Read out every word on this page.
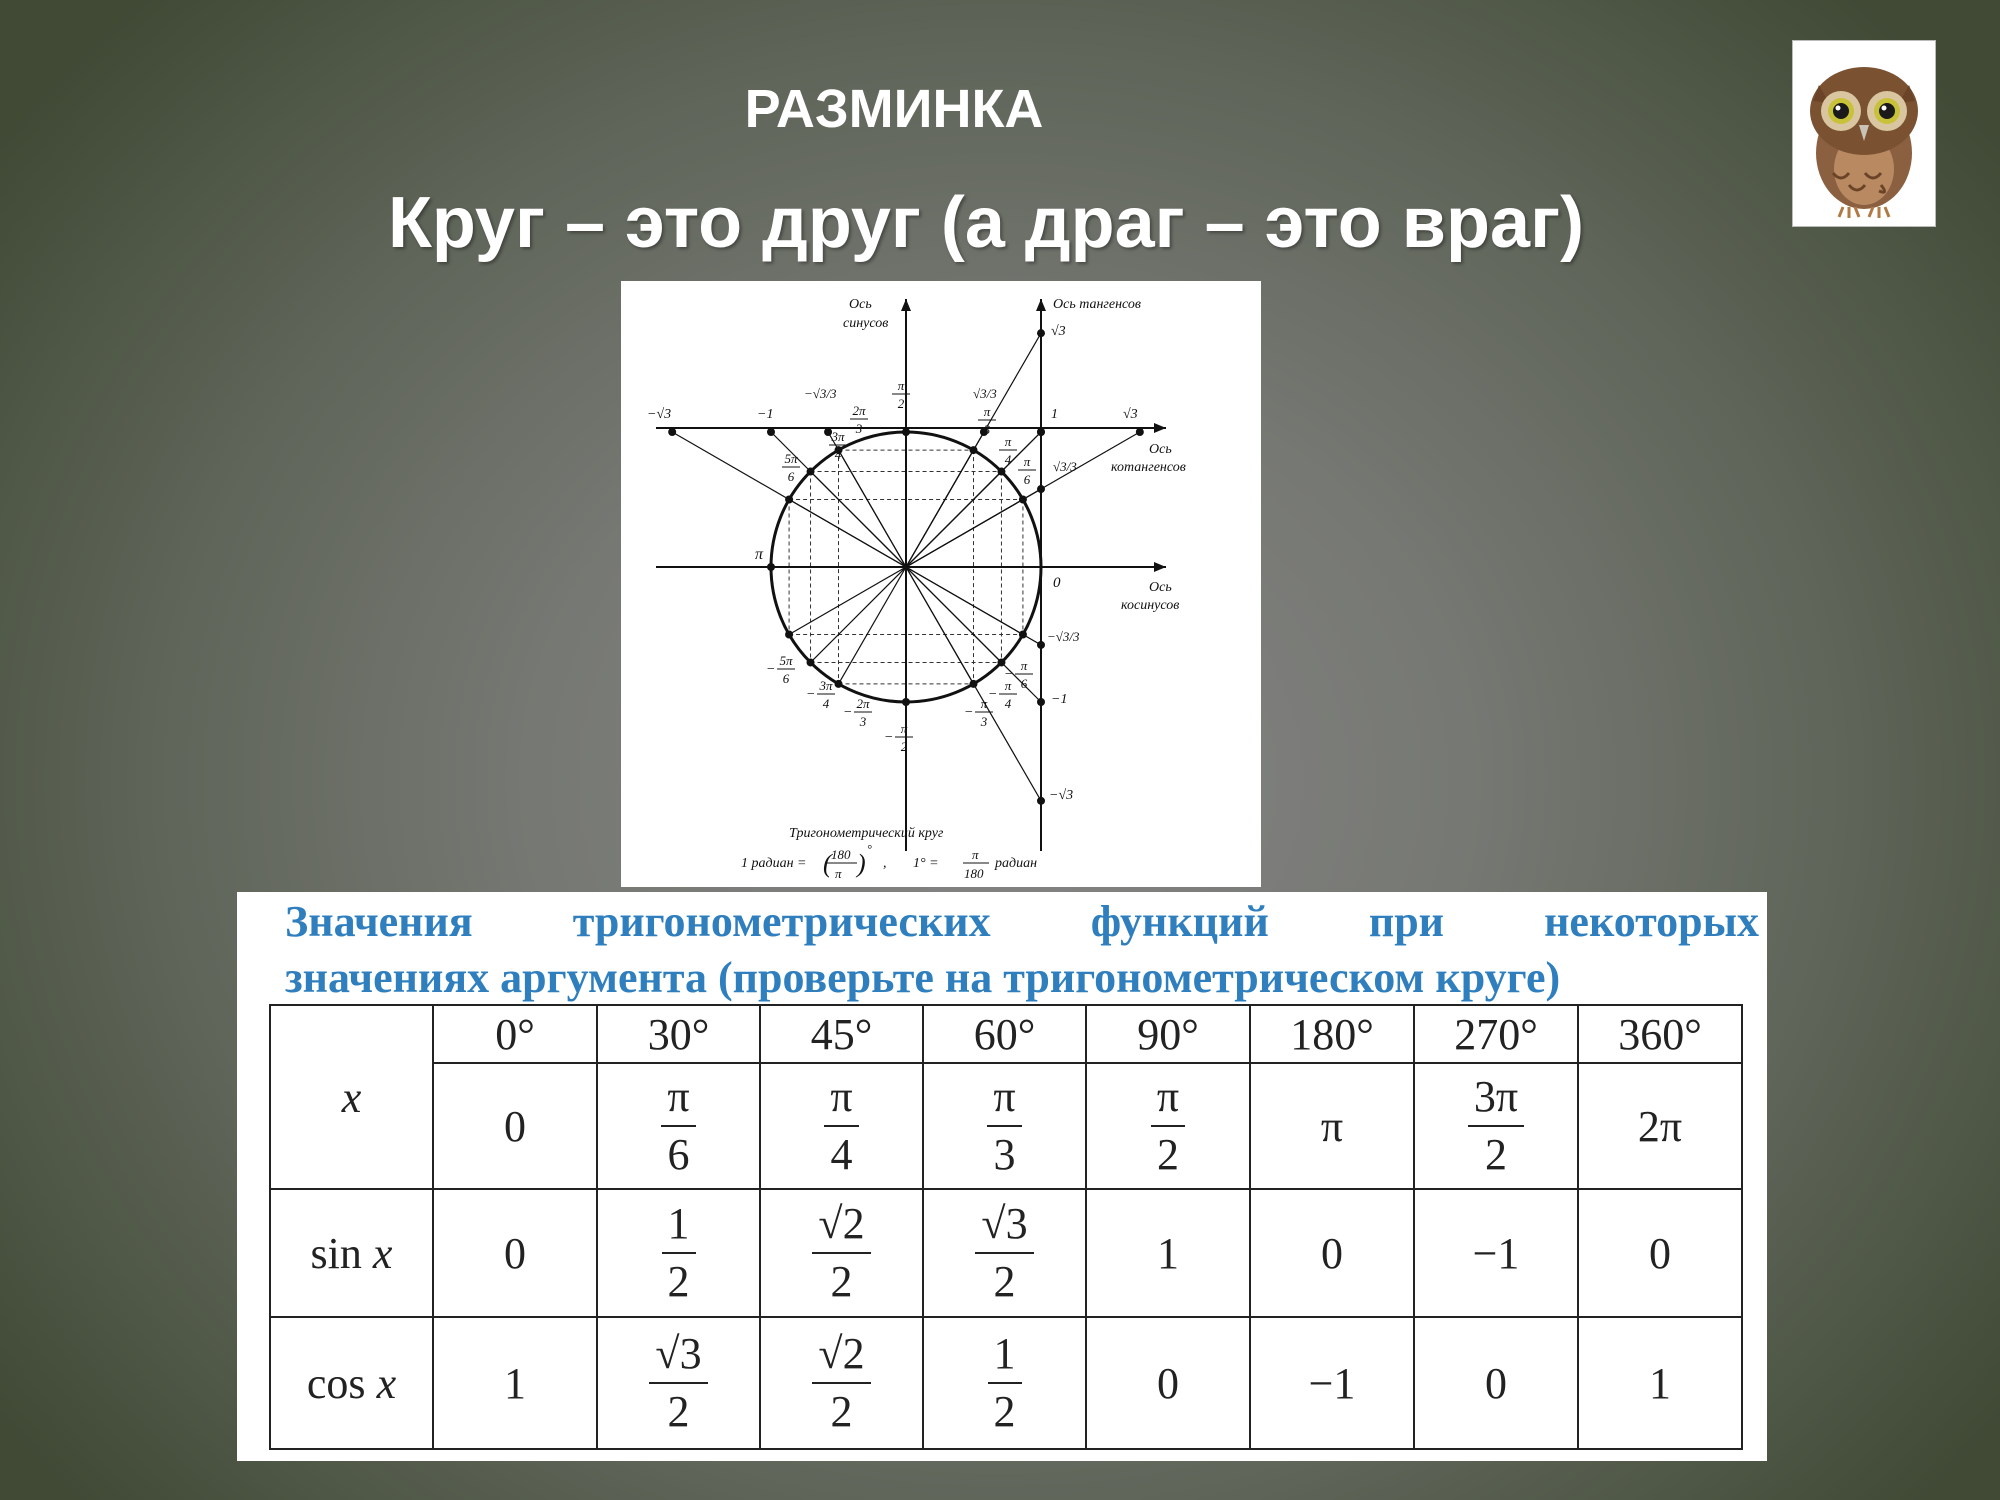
РАЗМИНКА
Круг – это друг (а драг – это враг)
Ось
синусов
Ось тангенсов
Ось
котангенсов
Ось
косинусов
0
π
−√3	−1
−√3/3	√3/3
1	√3
√3
√3/3
−√3/3
−1
−√3
π
2
π
3
π
4 π
6
2π
3
3π
4
5π
6
−
π
6
−
π
4
−
π
3
−
π
2
−
2π
3
−
3π
4
−
5π
6
Тригонометрический круг
1 радиан =
180
π
( ) °
, 1° =
π
180
радиан
Значения тригонометрических функций при некоторых
значениях аргумента (проверьте на тригонометрическом круге)
x	0°	30°	45°	60°	90°	180°	270°	360°
	0	$\frac{\pi}{6}$	$\frac{\pi}{4}$	$\frac{\pi}{3}$	$\frac{\pi}{2}$	π	$\frac{3\pi}{2}$	2π
sin x	0	$\frac{1}{2}$	$\frac{√2}{2}$	$\frac{√3}{2}$	1	0	−1	0
cos x	1	$\frac{√3}{2}$	$\frac{√2}{2}$	$\frac{1}{2}$	0	−1	0	1
